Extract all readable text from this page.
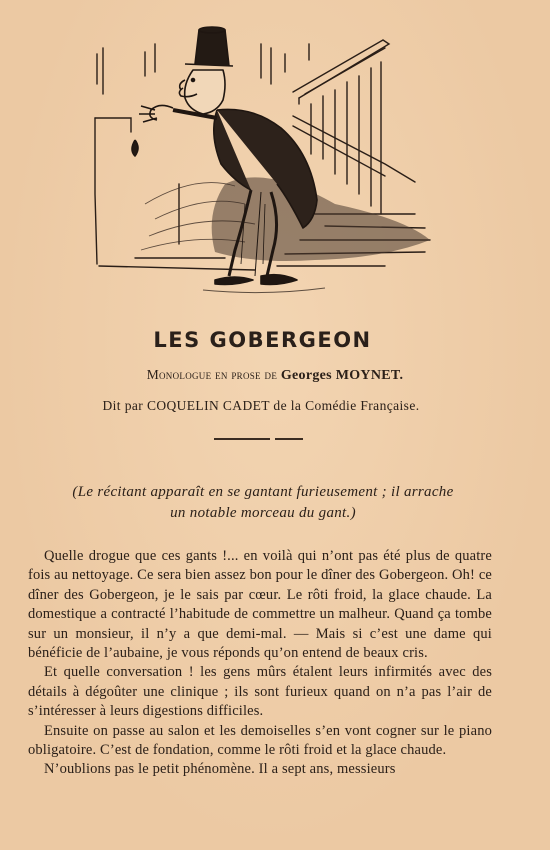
LES GOBERGEON
Monologue en prose de Georges MOYNET.
Dit par COQUELIN CADET de la Comédie Française.
(Le récitant apparaît en se gantant furieusement ; il arrache
un notable morceau du gant.)

Quelle drogue que ces gants !... en voilà qui n’ont pas été plus de quatre fois au nettoyage. Ce sera bien assez bon pour le dîner des Gobergeon. Oh! ce dîner des Gobergeon, je le sais par cœur. Le rôti froid, la glace chaude. La domestique a contracté l’habitude de commettre un malheur. Quand ça tombe sur un monsieur, il n’y a que demi-mal. — Mais si c’est une dame qui bénéficie de l’aubaine, je vous réponds qu’on entend de beaux cris.

Et quelle conversation ! les gens mûrs étalent leurs infirmités avec des détails à dégoûter une clinique ; ils sont furieux quand on n’a pas l’air de s’intéresser à leurs digestions difficiles.

Ensuite on passe au salon et les demoiselles s’en vont cogner sur le piano obligatoire. C’est de fondation, comme le rôti froid et la glace chaude.

N’oublions pas le petit phénomène. Il a sept ans, messieurs
